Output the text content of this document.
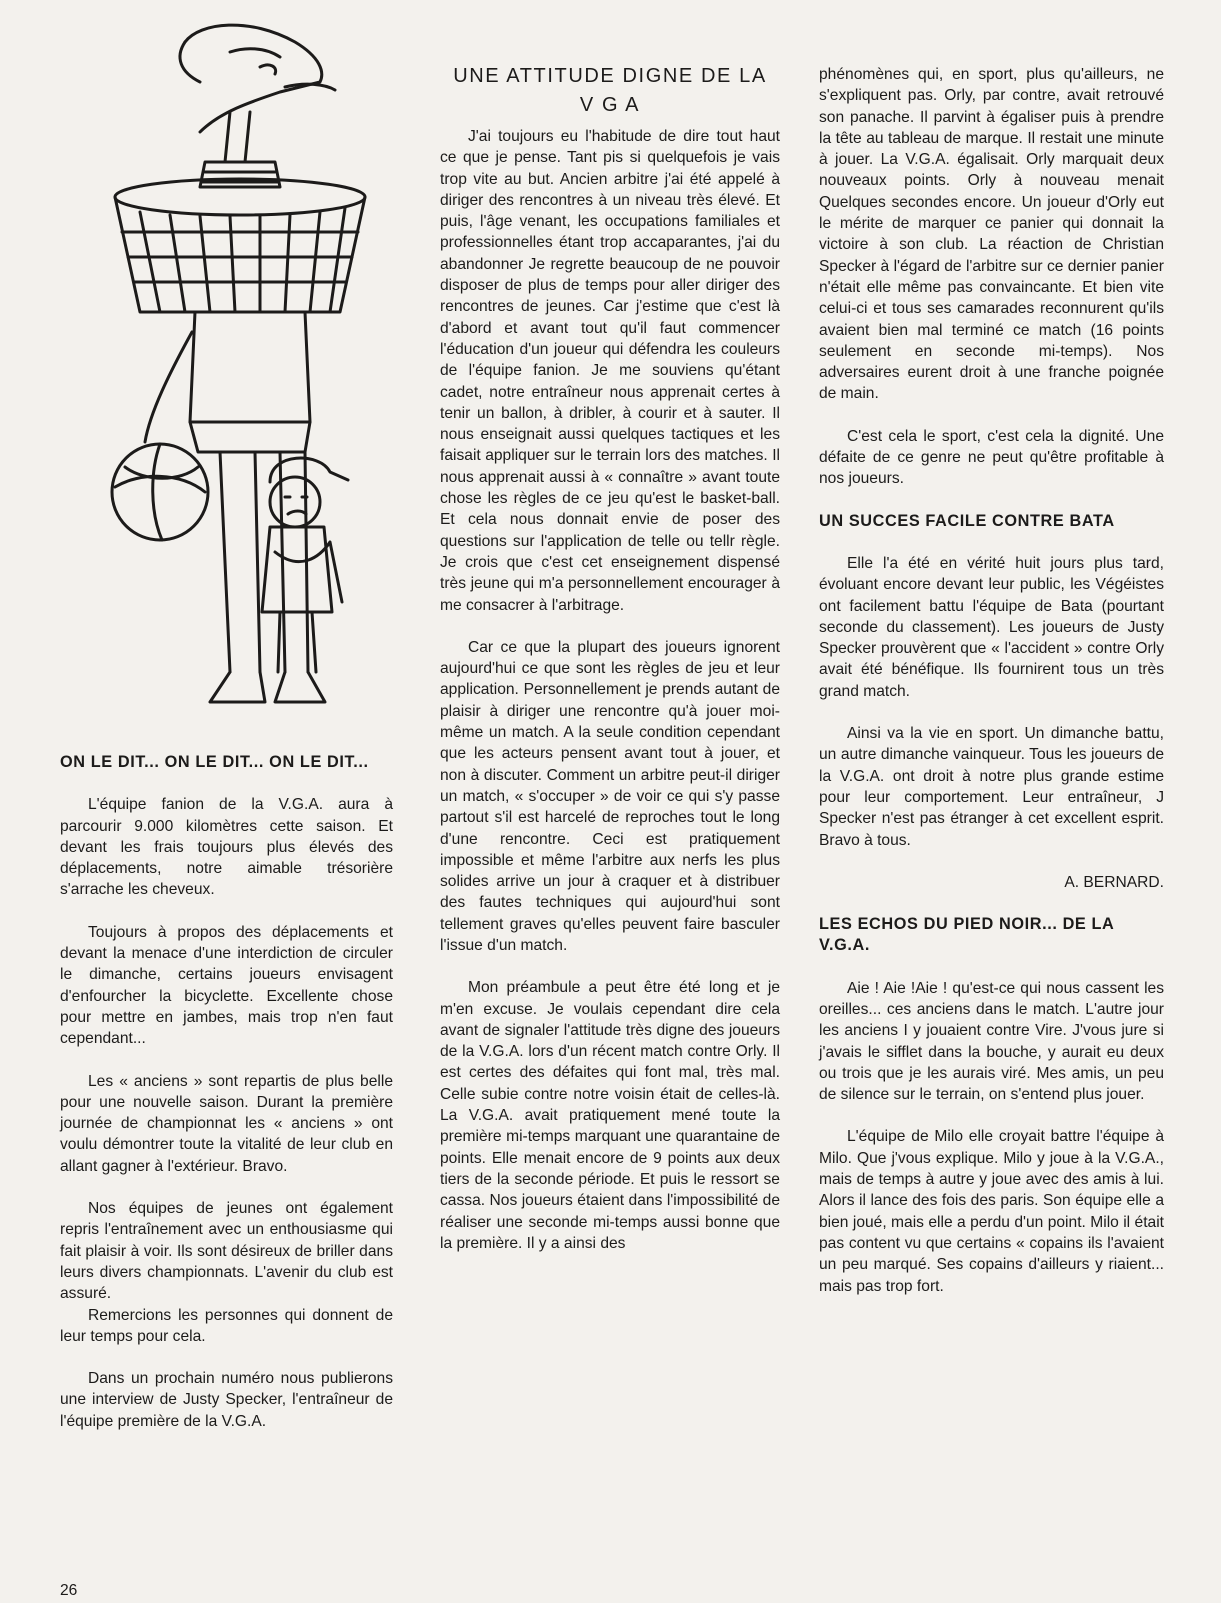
ON LE DIT... ON LE DIT... ON LE DIT...

L'équipe fanion de la V.G.A. aura à parcourir 9.000 kilomètres cette saison. Et devant les frais toujours plus élevés des déplacements, notre aimable trésorière s'arrache les cheveux.

Toujours à propos des déplacements et devant la menace d'une interdiction de circuler le dimanche, certains joueurs envisagent d'enfourcher la bicyclette. Excellente chose pour mettre en jambes, mais trop n'en faut cependant...

Les « anciens » sont repartis de plus belle pour une nouvelle saison. Durant la première journée de championnat les « anciens » ont voulu démontrer toute la vitalité de leur club en allant gagner à l'extérieur. Bravo.

Nos équipes de jeunes ont également repris l'entraînement avec un enthousiasme qui fait plaisir à voir. Ils sont désireux de briller dans leurs divers championnats. L'avenir du club est assuré.

Remercions les personnes qui donnent de leur temps pour cela.

Dans un prochain numéro nous publierons une interview de Justy Specker, l'entraîneur de l'équipe première de la V.G.A.

UNE ATTITUDE DIGNE DE LA
V G A

J'ai toujours eu l'habitude de dire tout haut ce que je pense. Tant pis si quelquefois je vais trop vite au but. Ancien arbitre j'ai été appelé à diriger des rencontres à un niveau très élevé. Et puis, l'âge venant, les occupations familiales et professionnelles étant trop accaparantes, j'ai du abandonner Je regrette beaucoup de ne pouvoir disposer de plus de temps pour aller diriger des rencontres de jeunes. Car j'estime que c'est là d'abord et avant tout qu'il faut commencer l'éducation d'un joueur qui défendra les couleurs de l'équipe fanion. Je me souviens qu'étant cadet, notre entraîneur nous apprenait certes à tenir un ballon, à dribler, à courir et à sauter. Il nous enseignait aussi quelques tactiques et les faisait appliquer sur le terrain lors des matches. Il nous apprenait aussi à « connaître » avant toute chose les règles de ce jeu qu'est le basket-ball. Et cela nous donnait envie de poser des questions sur l'application de telle ou tellr règle. Je crois que c'est cet enseignement dispensé très jeune qui m'a personnellement encourager à me consacrer à l'arbitrage.

Car ce que la plupart des joueurs ignorent aujourd'hui ce que sont les règles de jeu et leur application. Personnellement je prends autant de plaisir à diriger une rencontre qu'à jouer moi-même un match. A la seule condition cependant que les acteurs pensent avant tout à jouer, et non à discuter. Comment un arbitre peut-il diriger un match, « s'occuper » de voir ce qui s'y passe partout s'il est harcelé de reproches tout le long d'une rencontre. Ceci est pratiquement impossible et même l'arbitre aux nerfs les plus solides arrive un jour à craquer et à distribuer des fautes techniques qui aujourd'hui sont tellement graves qu'elles peuvent faire basculer l'issue d'un match.

Mon préambule a peut être été long et je m'en excuse. Je voulais cependant dire cela avant de signaler l'attitude très digne des joueurs de la V.G.A. lors d'un récent match contre Orly. Il est certes des défaites qui font mal, très mal. Celle subie contre notre voisin était de celles-là. La V.G.A. avait pratiquement mené toute la première mi-temps marquant une quarantaine de points. Elle menait encore de 9 points aux deux tiers de la seconde période. Et puis le ressort se cassa. Nos joueurs étaient dans l'impossibilité de réaliser une seconde mi-temps aussi bonne que la première. Il y a ainsi des

phénomènes qui, en sport, plus qu'ailleurs, ne s'expliquent pas. Orly, par contre, avait retrouvé son panache. Il parvint à égaliser puis à prendre la tête au tableau de marque. Il restait une minute à jouer. La V.G.A. égalisait. Orly marquait deux nouveaux points. Orly à nouveau menait Quelques secondes encore. Un joueur d'Orly eut le mérite de marquer ce panier qui donnait la victoire à son club. La réaction de Christian Specker à l'égard de l'arbitre sur ce dernier panier n'était elle même pas convaincante. Et bien vite celui-ci et tous ses camarades reconnurent qu'ils avaient bien mal terminé ce match (16 points seulement en seconde mi-temps). Nos adversaires eurent droit à une franche poignée de main.

C'est cela le sport, c'est cela la dignité. Une défaite de ce genre ne peut qu'être profitable à nos joueurs.

UN SUCCES FACILE CONTRE BATA

Elle l'a été en vérité huit jours plus tard, évoluant encore devant leur public, les Végéistes ont facilement battu l'équipe de Bata (pourtant seconde du classement). Les joueurs de Justy Specker prouvèrent que « l'accident » contre Orly avait été bénéfique. Ils fournirent tous un très grand match.

Ainsi va la vie en sport. Un dimanche battu, un autre dimanche vainqueur. Tous les joueurs de la V.G.A. ont droit à notre plus grande estime pour leur comportement. Leur entraîneur, J Specker n'est pas étranger à cet excellent esprit. Bravo à tous.

A. BERNARD.

LES ECHOS DU PIED NOIR... DE LA V.G.A.

Aie ! Aie !Aie ! qu'est-ce qui nous cassent les oreilles... ces anciens dans le match. L'autre jour les anciens I y jouaient contre Vire. J'vous jure si j'avais le sifflet dans la bouche, y aurait eu deux ou trois que je les aurais viré. Mes amis, un peu de silence sur le terrain, on s'entend plus jouer.

L'équipe de Milo elle croyait battre l'équipe à Milo. Que j'vous explique. Milo y joue à la V.G.A., mais de temps à autre y joue avec des amis à lui. Alors il lance des fois des paris. Son équipe elle a bien joué, mais elle a perdu d'un point. Milo il était pas content vu que certains « copains ils l'avaient un peu marqué. Ses copains d'ailleurs y riaient... mais pas trop fort.

26
